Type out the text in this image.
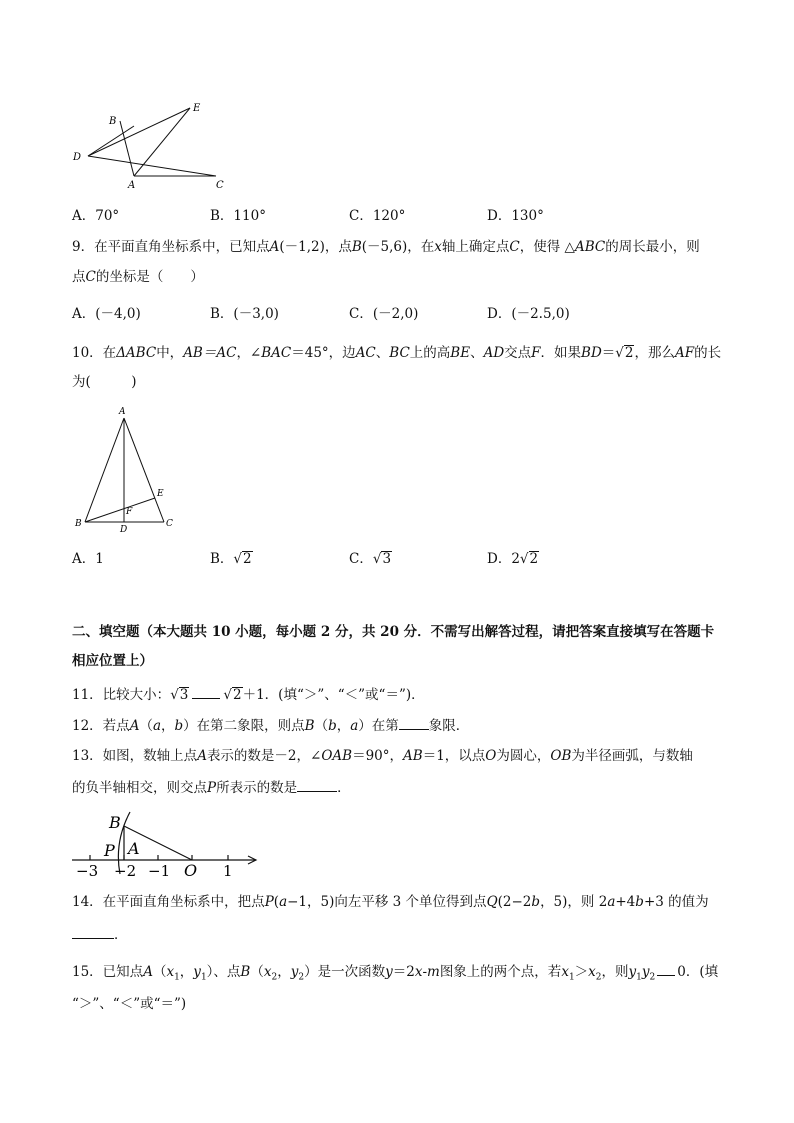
B
E
D
A	C
A．70°	B．110°	C．120°	D．130°
9．在平面直角坐标系中，已知点A(－1,2)，点B(－5,6)，在x轴上确定点C，使得 △ABC的周长最小，则
点C的坐标是（　　）
A．(－4,0)	B．(－3,0)	C．(－2,0)	D．(－2.5,0)
10．在ΔABC中，AB＝AC，∠BAC＝45°，边AC、BC上的高BE、AD交点F．如果BD＝√2，那么AF的长
为(　　　)
A
E
F
B
D
C
A．1	B．√2	C．√3	D．2√2
二、填空题（本大题共 10 小题，每小题 2 分，共 20 分．不需写出解答过程，请把答案直接填写在答题卡
相应位置上）
11．比较大小：√3	√2＋1．(填“＞”、“＜”或“＝”)．
12．若点A（a，b）在第二象限，则点B（b，a）在第 象限．
13．如图，数轴上点A表示的数是－2，∠OAB＝90°，AB＝1，以点O为圆心，OB为半径画弧，与数轴
的负半轴相交，则交点P所表示的数是	．
B
P A
−3 −2 −1 O 1
14．在平面直角坐标系中，把点P(a−1，5)向左平移 3 个单位得到点Q(2−2b，5)，则 2a+4b+3 的值为
．
15．已知点$A(x_1$，$y_1$）、点$B(x_2$，$y_2$）是一次函数y＝2x-m图象上的两个点，若$x_1>x_2$，则$y_1y_2$ 0．(填
“＞”、“＜”或“＝”)
